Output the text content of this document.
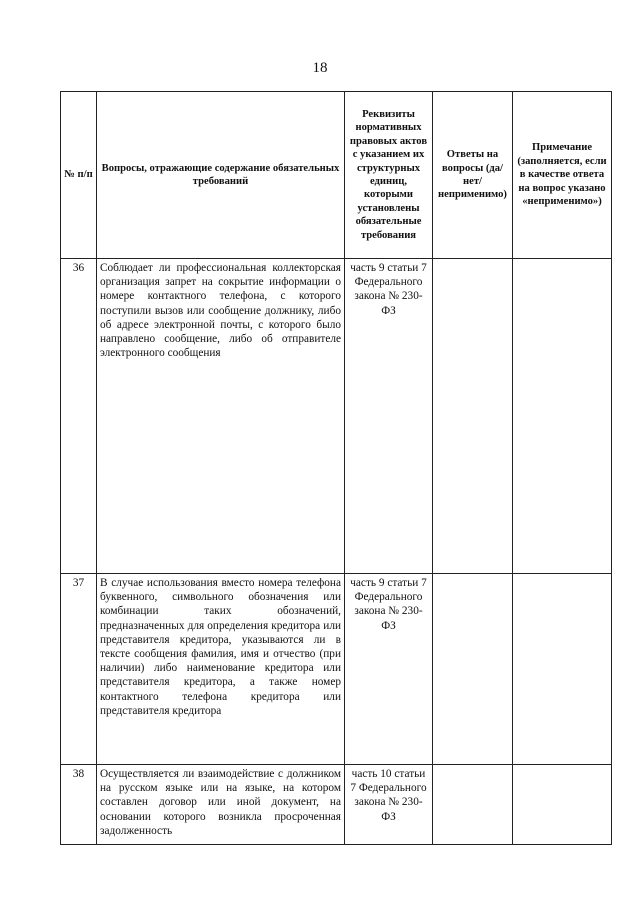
18
№ п/п	Вопросы, отражающие содержание обязательных требований	Реквизиты нормативных правовых актов с указанием их структурных единиц, которыми установлены обязательные требования	Ответы на вопросы (да/нет/ неприменимо)	Примечание (заполняется, если в качестве ответа на вопрос указано «неприменимо»)
36	Соблюдает ли профессиональная коллекторская организация запрет на сокрытие информации о номере контактного телефона, с которого поступили вызов или сообщение должнику, либо об адресе электронной почты, с которого было направлено сообщение, либо об отправителе электронного сообщения	часть 9 статьи 7 Федерального закона № 230-ФЗ		
37	В случае использования вместо номера телефона буквенного, символьного обозначения или комбинации таких обозначений, предназначенных для определения кредитора или представителя кредитора, указываются ли в тексте сообщения фамилия, имя и отчество (при наличии) либо наименование кредитора или представителя кредитора, а также номер контактного телефона кредитора или представителя кредитора	часть 9 статьи 7 Федерального закона № 230-ФЗ		
38	Осуществляется ли взаимодействие с должником на русском языке или на языке, на котором составлен договор или иной документ, на основании которого возникла просроченная задолженность	часть 10 статьи 7 Федерального закона № 230-ФЗ		
